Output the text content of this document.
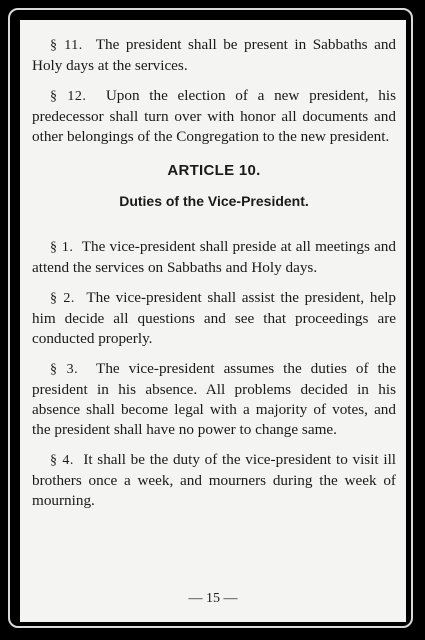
§ 11. The president shall be present in Sabbaths and Holy days at the services.

§ 12. Upon the election of a new president, his predecessor shall turn over with honor all documents and other belongings of the Congregation to the new president.

ARTICLE 10.
Duties of the Vice-President.

§ 1. The vice-president shall preside at all meetings and attend the services on Sabbaths and Holy days.

§ 2. The vice-president shall assist the president, help him decide all questions and see that proceedings are conducted properly.

§ 3. The vice-president assumes the duties of the president in his absence. All problems decided in his absence shall become legal with a majority of votes, and the president shall have no power to change same.

§ 4. It shall be the duty of the vice-president to visit ill brothers once a week, and mourners during the week of mourning.

— 15 —
